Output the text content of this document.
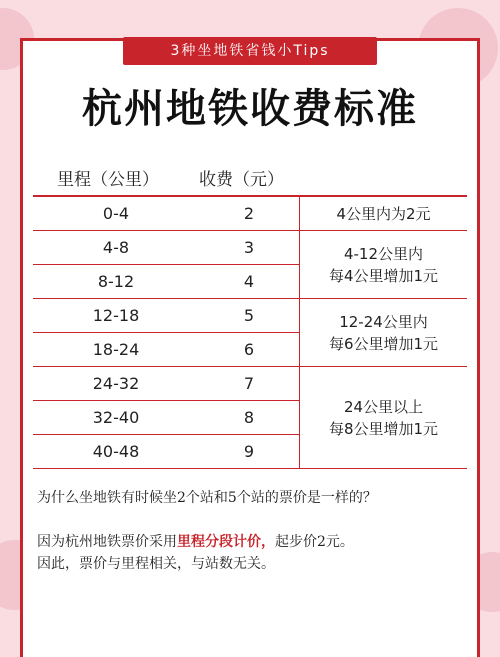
3种坐地铁省钱小Tips
杭州地铁收费标准
里程（公里）	收费（元）	
0-4	2	4公里内为2元

4-8	3	4-12公里内
每4公里增加1元

8-12	4	
12-18	5	12-24公里内
每6公里增加1元

18-24	6	
24-32	7	24公里以上
每8公里增加1元

32-40	8	
40-48	9	
为什么坐地铁有时候坐2个站和5个站的票价是一样的？
因为杭州地铁票价采用里程分段计价，起步价2元。
因此，票价与里程相关，与站数无关。
